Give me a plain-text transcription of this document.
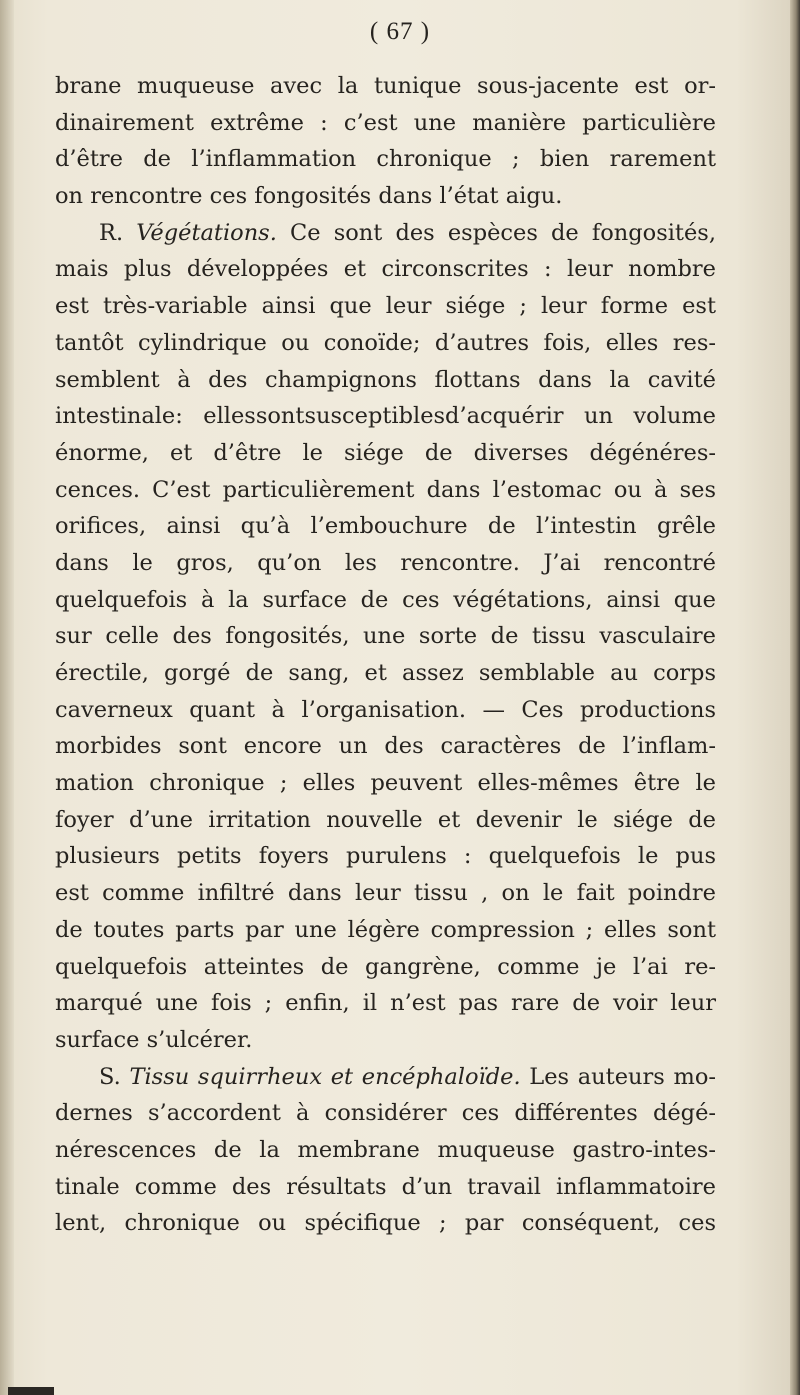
( 67 )
brane muqueuse avec la tunique sous-jacente est or-
dinairement extrême : c’est une manière particulière
d’être de l’inflammation chronique ; bien rarement
on rencontre ces fongosités dans l’état aigu.
R. Végétations. Ce sont des espèces de fongosités,
mais plus développées et circonscrites : leur nombre
est très-variable ainsi que leur siége ; leur forme est
tantôt cylindrique ou conoïde; d’autres fois, elles res-
semblent à des champignons flottans dans la cavité
intestinale: ellessontsusceptiblesd’acquérir un volume
énorme, et d’être le siége de diverses dégénéres-
cences. C’est particulièrement dans l’estomac ou à ses
orifices, ainsi qu’à l’embouchure de l’intestin grêle
dans le gros, qu’on les rencontre. J’ai rencontré
quelquefois à la surface de ces végétations, ainsi que
sur celle des fongosités, une sorte de tissu vasculaire
érectile, gorgé de sang, et assez semblable au corps
caverneux quant à l’organisation. — Ces productions
morbides sont encore un des caractères de l’inflam-
mation chronique ; elles peuvent elles-mêmes être le
foyer d’une irritation nouvelle et devenir le siége de
plusieurs petits foyers purulens : quelquefois le pus
est comme infiltré dans leur tissu , on le fait poindre
de toutes parts par une légère compression ; elles sont
quelquefois atteintes de gangrène, comme je l’ai re-
marqué une fois ; enfin, il n’est pas rare de voir leur
surface s’ulcérer.
S. Tissu squirrheux et encéphaloïde. Les auteurs mo-
dernes s’accordent à considérer ces différentes dégé-
nérescences de la membrane muqueuse gastro-intes-
tinale comme des résultats d’un travail inflammatoire
lent, chronique ou spécifique ; par conséquent, ces
